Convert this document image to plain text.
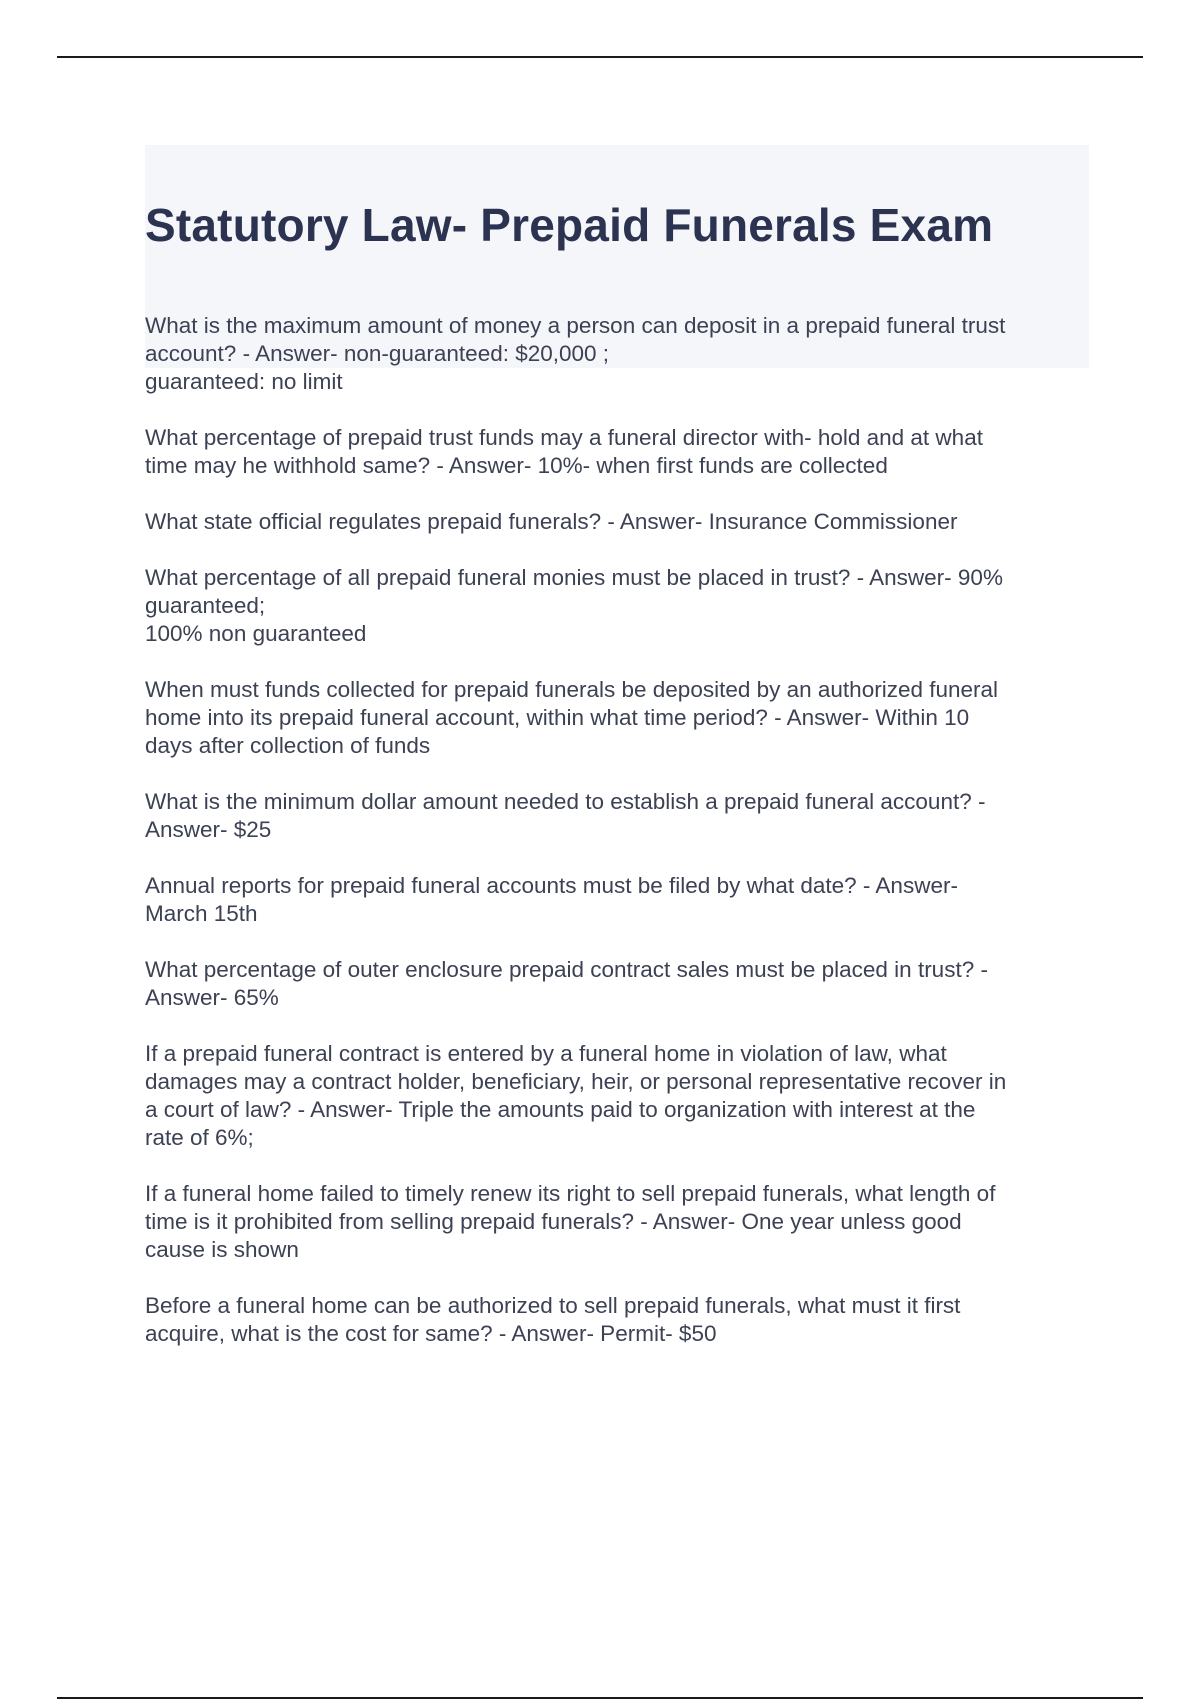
Statutory Law- Prepaid Funerals Exam
What is the maximum amount of money a person can deposit in a prepaid funeral trust
account? - Answer- non-guaranteed: $20,000 ;
guaranteed: no limit
What percentage of prepaid trust funds may a funeral director with- hold and at what
time may he withhold same? - Answer- 10%- when first funds are collected
What state official regulates prepaid funerals? - Answer- Insurance Commissioner
What percentage of all prepaid funeral monies must be placed in trust? - Answer- 90%
guaranteed;
100% non guaranteed
When must funds collected for prepaid funerals be deposited by an authorized funeral
home into its prepaid funeral account, within what time period? - Answer- Within 10
days after collection of funds
What is the minimum dollar amount needed to establish a prepaid funeral account? -
Answer- $25
Annual reports for prepaid funeral accounts must be filed by what date? - Answer-
March 15th
What percentage of outer enclosure prepaid contract sales must be placed in trust? -
Answer- 65%
If a prepaid funeral contract is entered by a funeral home in violation of law, what
damages may a contract holder, beneficiary, heir, or personal representative recover in
a court of law? - Answer- Triple the amounts paid to organization with interest at the
rate of 6%;
If a funeral home failed to timely renew its right to sell prepaid funerals, what length of
time is it prohibited from selling prepaid funerals? - Answer- One year unless good
cause is shown
Before a funeral home can be authorized to sell prepaid funerals, what must it first
acquire, what is the cost for same? - Answer- Permit- $50
